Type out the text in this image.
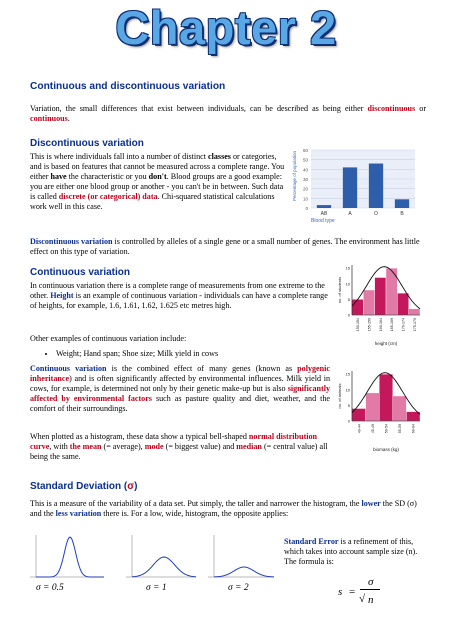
Chapter 2
Continuous and discontinuous variation

Variation, the small differences that exist between individuals, can be described as being either discontinuous or continuous.

Discontinuous variation

This is where individuals fall into a number of distinct classes or categories, and is based on features that cannot be measured across a complete range. You either have the characteristic or you don't. Blood groups are a good example: you are either one blood group or another - you can't be in between. Such data is called discrete (or categorical) data. Chi-squared statistical calculations work well in this case.	0
10
20
30
40
50
60
AB	A	O	B
Blood type
Percentage of population

Discontinuous variation is controlled by alleles of a single gene or a small number of genes. The environment has little effect on this type of variation.

Continuous variation

In continuous variation there is a complete range of measurements from one extreme to the other. Height is an example of continuous variation - individuals can have a complete range of heights, for example, 1.6, 1.61, 1.62, 1.625 etc metres high.

Other examples of continuous variation include:

• Weight; Hand span; Shoe size; Milk yield in cows

Continuous variation is the combined effect of many genes (known as polygenic inheritance) and is often significantly affected by environmental influences. Milk yield in cows, for example, is determined not only by their genetic make-up but is also significantly affected by environmental factors such as pasture quality and diet, weather, and the comfort of their surroundings.

When plotted as a histogram, these data show a typical bell-shaped normal distribution curve, with the mean (= average), mode (= biggest value) and median (= central value) all being the same.

150-154 155-159 160-164 165-169 170-174 175-179
0
5
10
15
no. of students
height (cm)
40-44	45-49	50-54	55-59	60-64
0
5
10
15
no. of animals
biomass (kg)
Standard Deviation (σ)

This is a measure of the variability of a data set. Put simply, the taller and narrower the histogram, the lower the SD (σ) and the less variation there is. For a low, wide, histogram, the opposite applies:

σ = 0.5	σ = 1	σ = 2

Standard Error is a refinement of this, which takes into account sample size (n). The formula is:

s =
σ
√ n
